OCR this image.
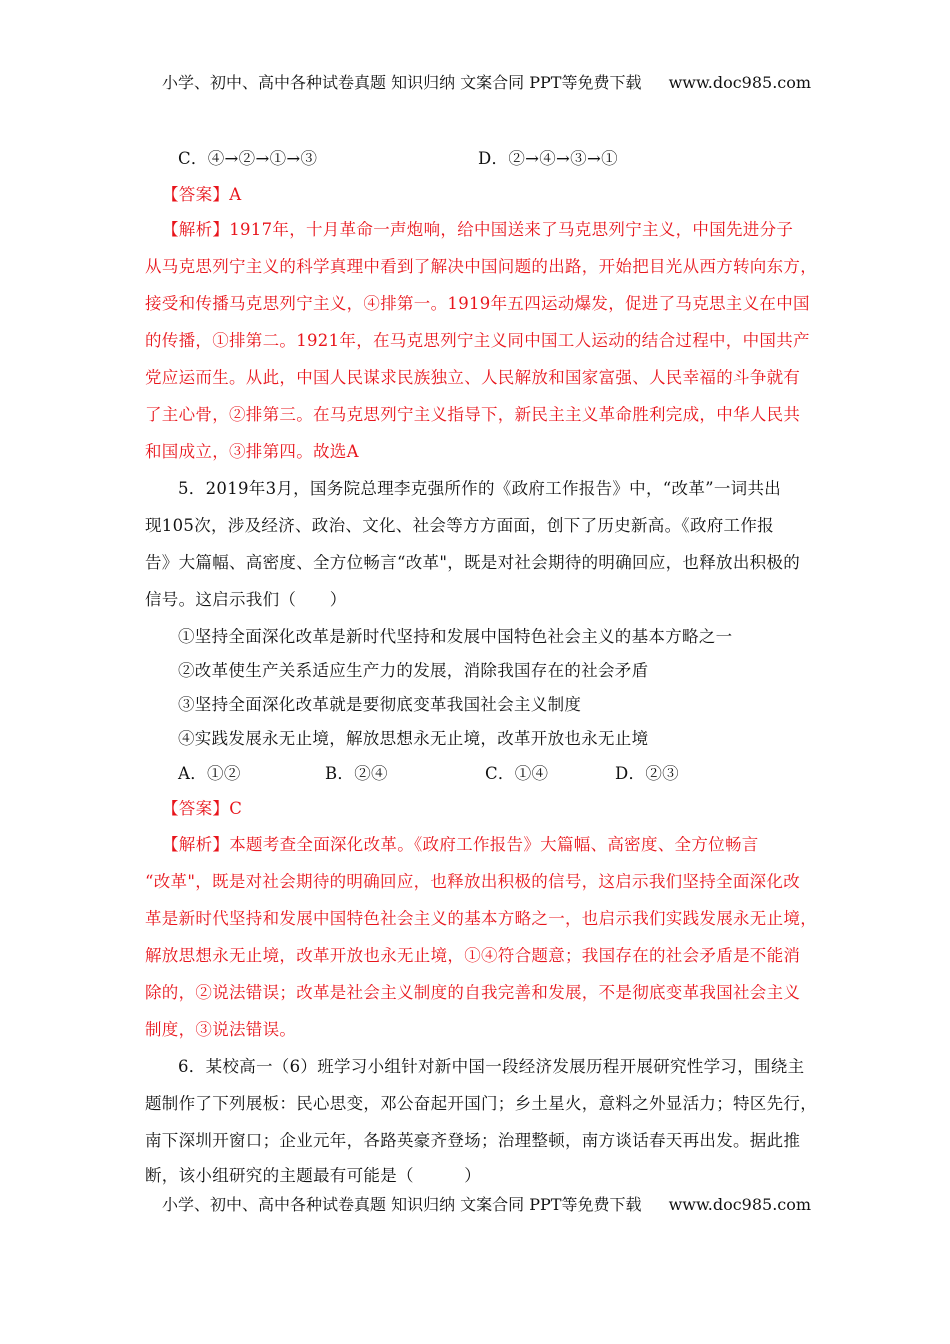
小学、初中、高中各种试卷真题 知识归纳 文案合同 PPT等免费下载 www.doc985.com
C．④→②→①→③	D．②→④→③→①
【答案】A
【解析】1917年，十月革命一声炮响，给中国送来了马克思列宁主义，中国先进分子
从马克思列宁主义的科学真理中看到了解决中国问题的出路，开始把目光从西方转向东方，
接受和传播马克思列宁主义，④排第一。1919年五四运动爆发，促进了马克思主义在中国
的传播，①排第二。1921年，在马克思列宁主义同中国工人运动的结合过程中，中国共产
党应运而生。从此，中国人民谋求民族独立、人民解放和国家富强、人民幸福的斗争就有
了主心骨，②排第三。在马克思列宁主义指导下，新民主主义革命胜利完成，中华人民共
和国成立，③排第四。故选A
5．2019年3月，国务院总理李克强所作的《政府工作报告》中，“改革”一词共出
现105次，涉及经济、政治、文化、社会等方方面面，创下了历史新高。《政府工作报
告》大篇幅、高密度、全方位畅言“改革"，既是对社会期待的明确回应，也释放出积极的
信号。这启示我们（　　）
①坚持全面深化改革是新时代坚持和发展中国特色社会主义的基本方略之一
②改革使生产关系适应生产力的发展，消除我国存在的社会矛盾
③坚持全面深化改革就是要彻底变革我国社会主义制度
④实践发展永无止境，解放思想永无止境，改革开放也永无止境
A．①②	B．②④	C．①④	D．②③
【答案】C
【解析】本题考查全面深化改革。《政府工作报告》大篇幅、高密度、全方位畅言
“改革"，既是对社会期待的明确回应，也释放出积极的信号，这启示我们坚持全面深化改
革是新时代坚持和发展中国特色社会主义的基本方略之一，也启示我们实践发展永无止境，
解放思想永无止境，改革开放也永无止境，①④符合题意；我国存在的社会矛盾是不能消
除的，②说法错误；改革是社会主义制度的自我完善和发展，不是彻底变革我国社会主义
制度，③说法错误。
6．某校高一（6）班学习小组针对新中国一段经济发展历程开展研究性学习，围绕主
题制作了下列展板：民心思变，邓公奋起开国门；乡土星火，意料之外显活力；特区先行，
南下深圳开窗口；企业元年，各路英豪齐登场；治理整顿，南方谈话春天再出发。据此推
断，该小组研究的主题最有可能是（　　　）
小学、初中、高中各种试卷真题 知识归纳 文案合同 PPT等免费下载 www.doc985.com
